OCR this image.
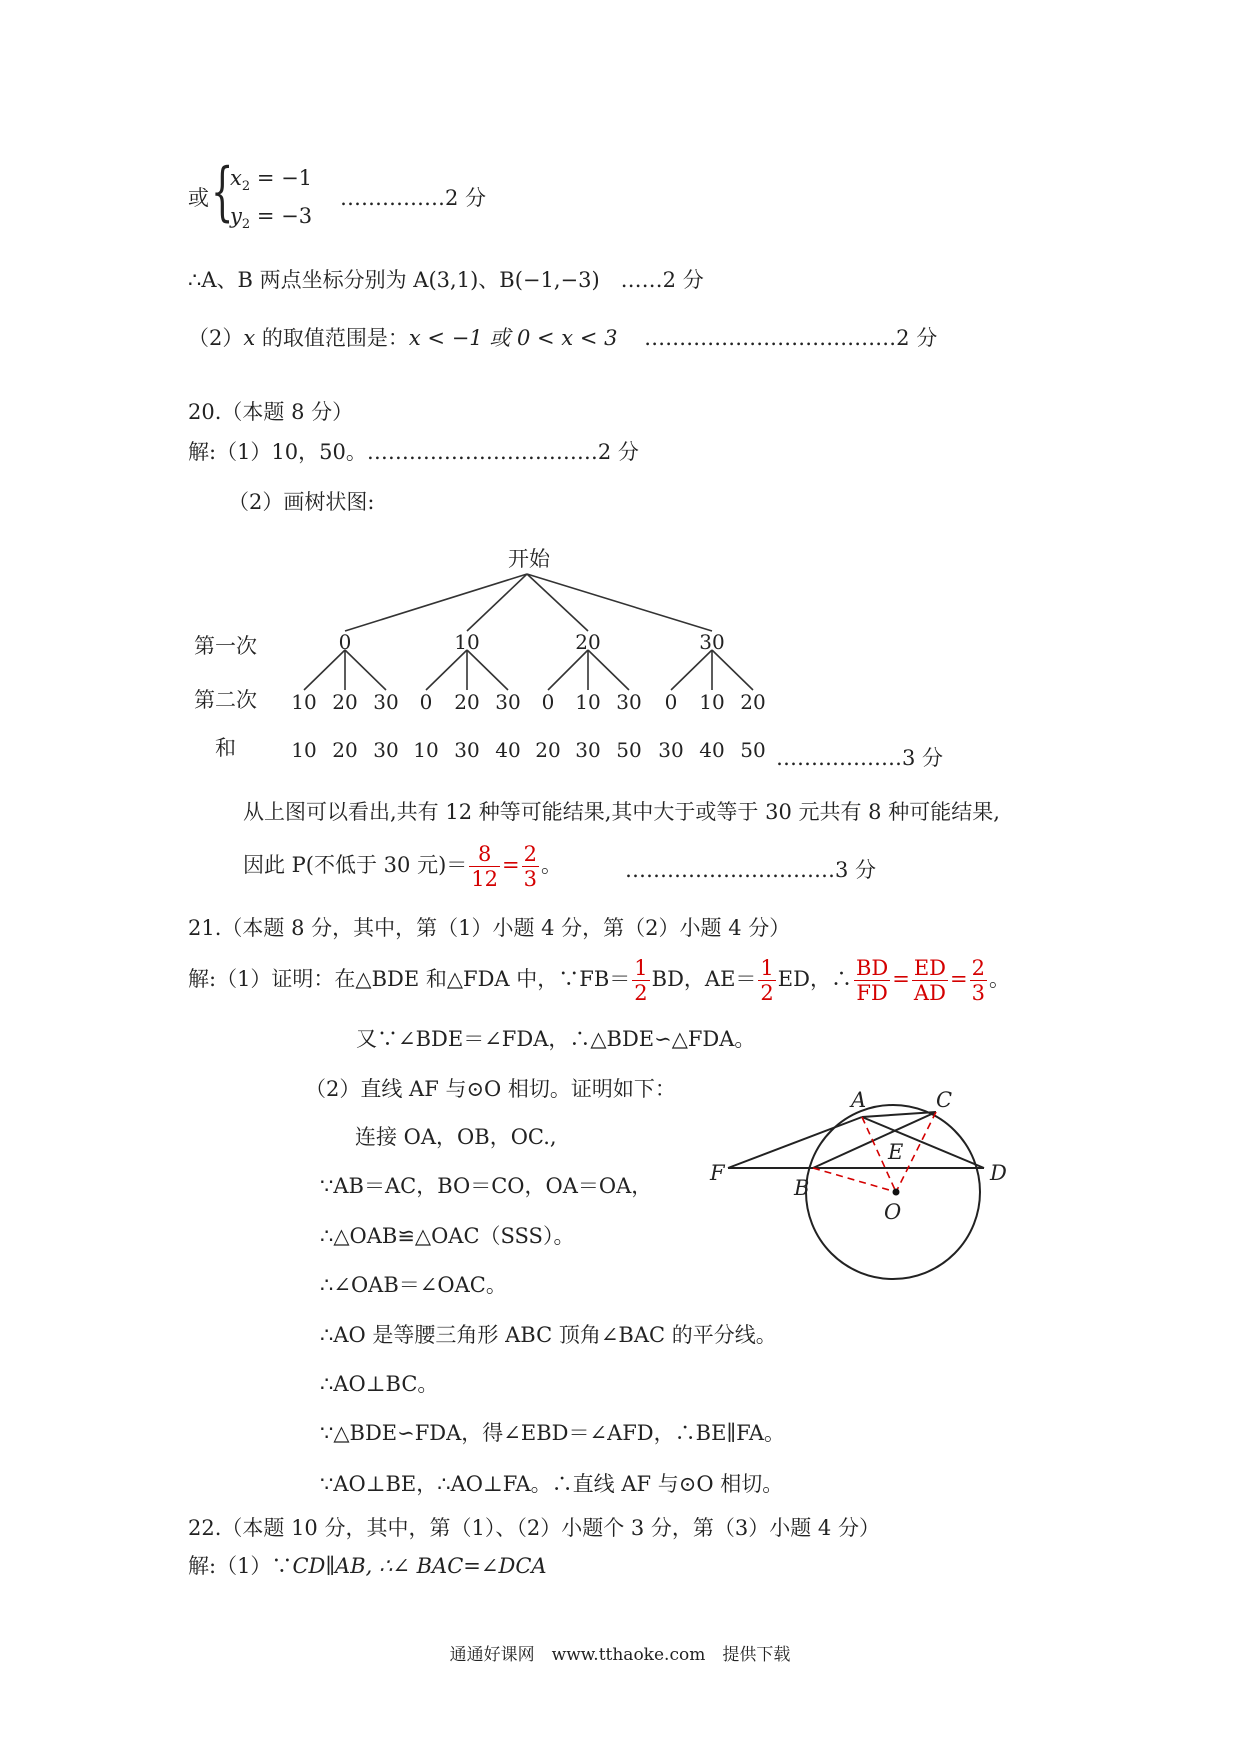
或 {
$x_2 = -1$
$y_2 = -3$
……………2 分
∴A、B 两点坐标分别为 A(3,1)、B(−1,−3)　……2 分
（2）x 的取值范围是：x < −1 或 0 < x < 3 ………………………………2 分
20.（本题 8 分）
解:（1）10，50。……………………………2 分
（2）画树状图:
开始
第一次
第二次
和
0	10	20	30
10 20 30 0 20 30 0 10 30 0 10 20
10 20 30 10 30 40 20 30 50 30 40 50 ………………3 分
从上图可以看出,共有 12 种等可能结果,其中大于或等于 30 元共有 8 种可能结果,
因此 P(不低于 30 元)＝ $\frac{8}{12} = \frac{2}{3}$ 。	…………………………3 分
21.（本题 8 分，其中，第（1）小题 4 分，第（2）小题 4 分）
解:（1）证明：在△BDE 和△FDA 中，∵FB＝ $\frac{1}{2}$ BD，$AE= \frac{1}{2}$ ED，∴ $\frac{BD}{FD} = \frac{ED}{AD} = \frac{2}{3}$ 。
又∵∠BDE＝∠FDA，∴△BDE∽△FDA。
（2）直线 AF 与⊙O 相切。证明如下：
连接 OA，OB，OC.,
∵AB＝AC，BO＝CO，OA＝OA，
∴△OAB≌△OAC（SSS）。
∴∠OAB＝∠OAC。
∴AO 是等腰三角形 ABC 顶角∠BAC 的平分线。
∴AO⊥BC。
∵△BDE∽FDA，得∠EBD＝∠AFD，∴BE∥FA。
∵AO⊥BE，∴AO⊥FA。∴直线 AF 与⊙O 相切。
A	C
E
F
B
O
D
22.（本题 10 分，其中，第（1）、（2）小题个 3 分，第（3）小题 4 分）
解:（1）∵CD∥AB, ∴∠ BAC=∠DCA
通通好课网　www.tthaoke.com　提供下载
